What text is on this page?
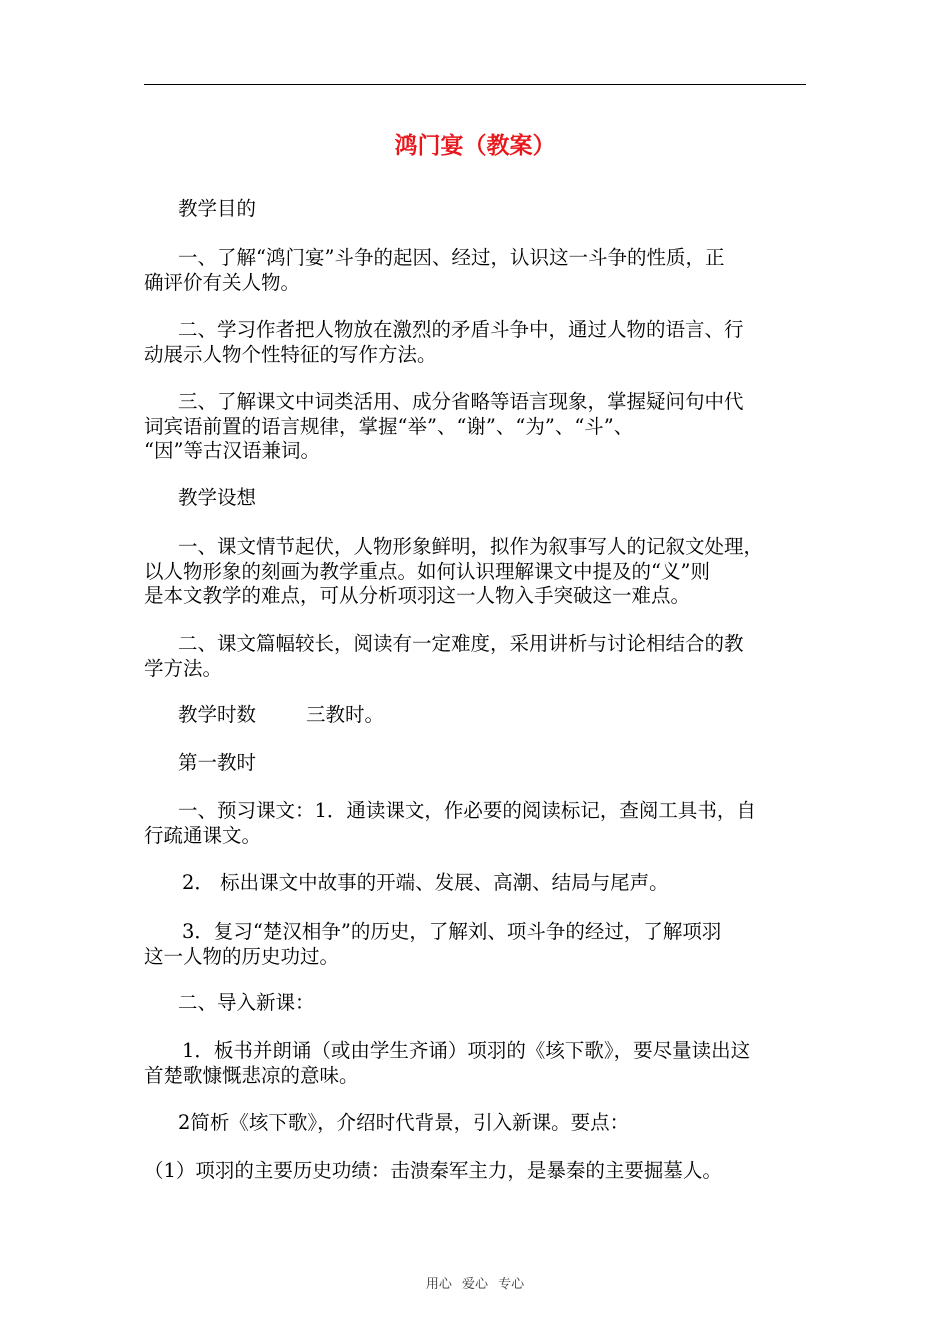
鸿门宴（教案）

教学目的

一、了解“鸿门宴”斗争的起因、经过，认识这一斗争的性质，正
确评价有关人物。

二、学习作者把人物放在激烈的矛盾斗争中，通过人物的语言、行
动展示人物个性特征的写作方法。

三、了解课文中词类活用、成分省略等语言现象，掌握疑问句中代
词宾语前置的语言规律，掌握“举”、“谢”、“为”、“斗”、
“因”等古汉语兼词。

教学设想

一、课文情节起伏，人物形象鲜明，拟作为叙事写人的记叙文处理，
以人物形象的刻画为教学重点。如何认识理解课文中提及的“义”则
是本文教学的难点，可从分析项羽这一人物入手突破这一难点。

二、课文篇幅较长，阅读有一定难度，采用讲析与讨论相结合的教
学方法。

教学时数	三教时。

第一教时

一、预习课文：1．通读课文，作必要的阅读标记，查阅工具书，自
行疏通课文。

2． 标出课文中故事的开端、发展、高潮、结局与尾声。

3．复习“楚汉相争”的历史，了解刘、项斗争的经过，了解项羽
这一人物的历史功过。

二、导入新课：

1．板书并朗诵（或由学生齐诵）项羽的《垓下歌》，要尽量读出这
首楚歌慷慨悲凉的意味。

2简析《垓下歌》，介绍时代背景，引入新课。要点：

（1）项羽的主要历史功绩：击溃秦军主力，是暴秦的主要掘墓人。

用心 爱心 专心
